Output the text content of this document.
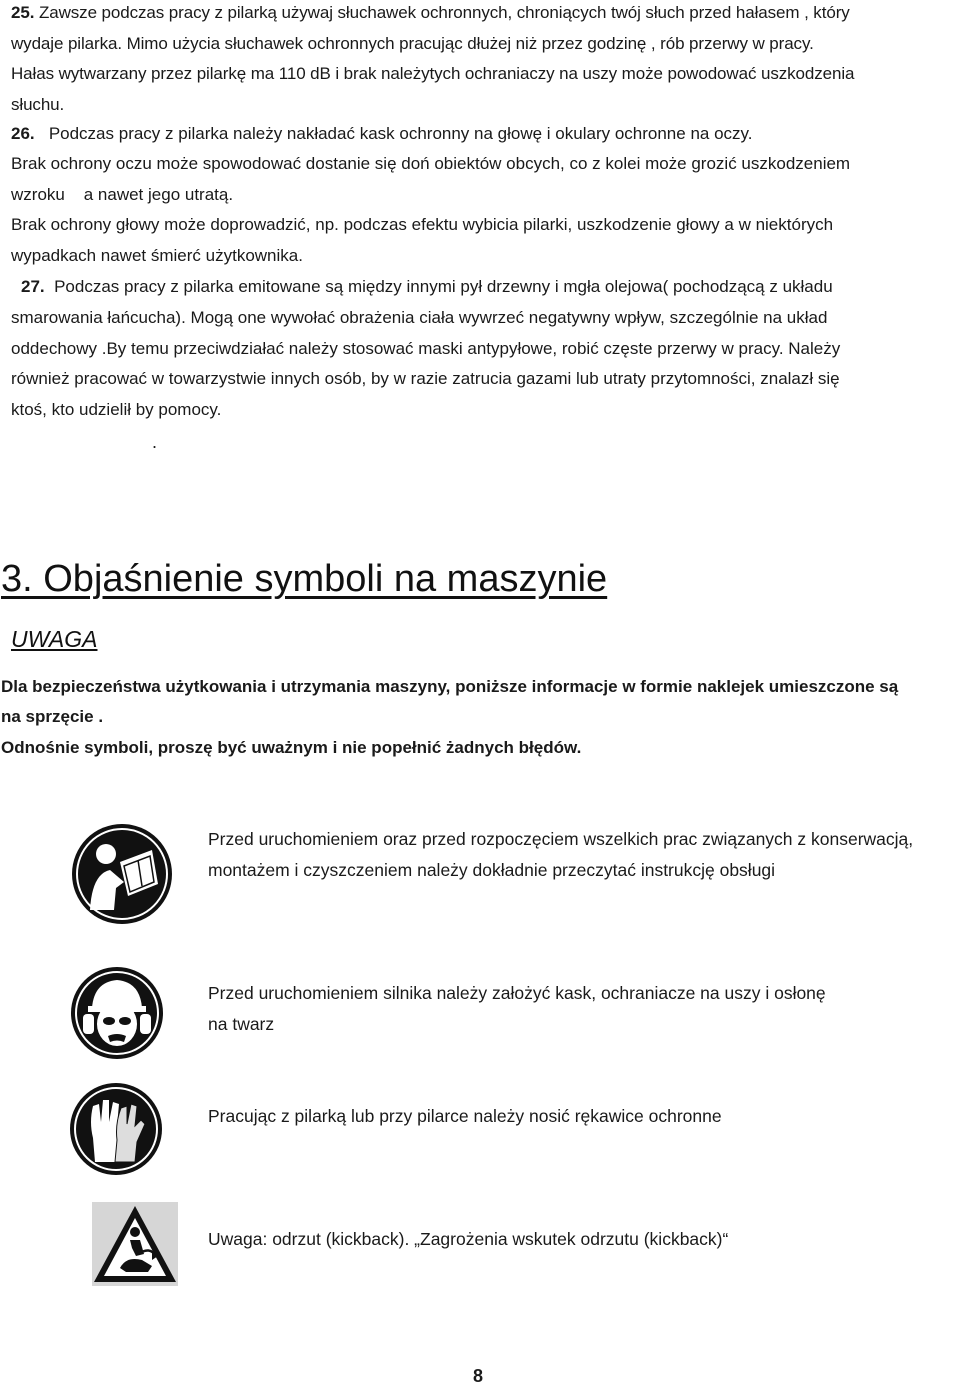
25. Zawsze podczas pracy z pilarką używaj słuchawek ochronnych, chroniących twój słuch przed hałasem , który
wydaje pilarka. Mimo użycia słuchawek ochronnych pracując dłużej niż przez godzinę , rób przerwy w pracy.
Hałas wytwarzany przez pilarkę ma 110 dB i brak należytych ochraniaczy na uszy może powodować uszkodzenia
słuchu.
26. Podczas pracy z pilarka należy nakładać kask ochronny na głowę i okulary ochronne na oczy.
Brak ochrony oczu może spowodować dostanie się doń obiektów obcych, co z kolei może grozić uszkodzeniem
wzroku    a nawet jego utratą.
Brak ochrony głowy może doprowadzić, np. podczas efektu wybicia pilarki, uszkodzenie głowy a w niektórych
wypadkach nawet śmierć użytkownika.
27. Podczas pracy z pilarka emitowane są między innymi pył drzewny i mgła olejowa( pochodzącą z układu
smarowania łańcucha). Mogą one wywołać obrażenia ciała wywrzeć negatywny wpływ, szczególnie na układ
oddechowy .By temu przeciwdziałać należy stosować maski antypyłowe, robić częste przerwy w pracy. Należy
również pracować w towarzystwie innych osób, by w razie zatrucia gazami lub utraty przytomności, znalazł się
ktoś, kto udzielił by pomocy.
.
3. Objaśnienie symboli na maszynie
UWAGA
Dla bezpieczeństwa użytkowania i utrzymania maszyny, poniższe informacje w formie naklejek umieszczone są
na sprzęcie .
Odnośnie symboli, proszę być uważnym i nie popełnić żadnych błędów.
Przed uruchomieniem oraz przed rozpoczęciem wszelkich prac związanych z konserwacją,
montażem i czyszczeniem należy dokładnie przeczytać instrukcję obsługi
Przed uruchomieniem silnika należy założyć kask, ochraniacze na uszy i osłonę
na twarz
Pracując z pilarką lub przy pilarce należy nosić rękawice ochronne
Uwaga: odrzut (kickback). „Zagrożenia wskutek odrzutu (kickback)“
8
